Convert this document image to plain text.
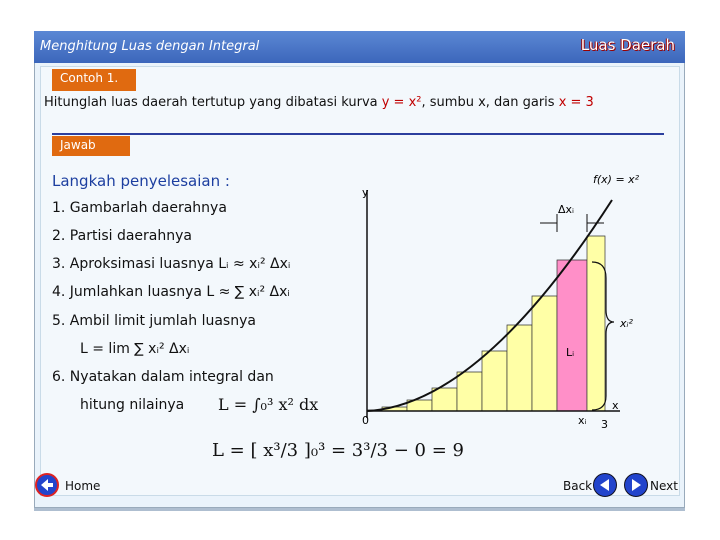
Menghitung Luas dengan Integral	Luas Daerah
Contoh 1.
Hitunglah luas daerah tertutup yang dibatasi kurva y = x², sumbu x, dan garis x = 3
Jawab
Langkah penyelesaian :
1. Gambarlah daerahnya
2. Partisi daerahnya
3. Aproksimasi luasnya Lᵢ ≈ xᵢ² Δxᵢ
4. Jumlahkan luasnya L ≈ ∑ xᵢ² Δxᵢ
5. Ambil limit jumlah luasnya
L = lim ∑ xᵢ² Δxᵢ
6. Nyatakan dalam integral dan
hitung nilainya L = ∫₀³ x² dx
L = [ x³/3 ]₀³ = 3³/3 − 0 = 9
f(x) = x²
y
Δxᵢ
xᵢ²
Lᵢ
0	xᵢ
x
3
Home	Back	Next
